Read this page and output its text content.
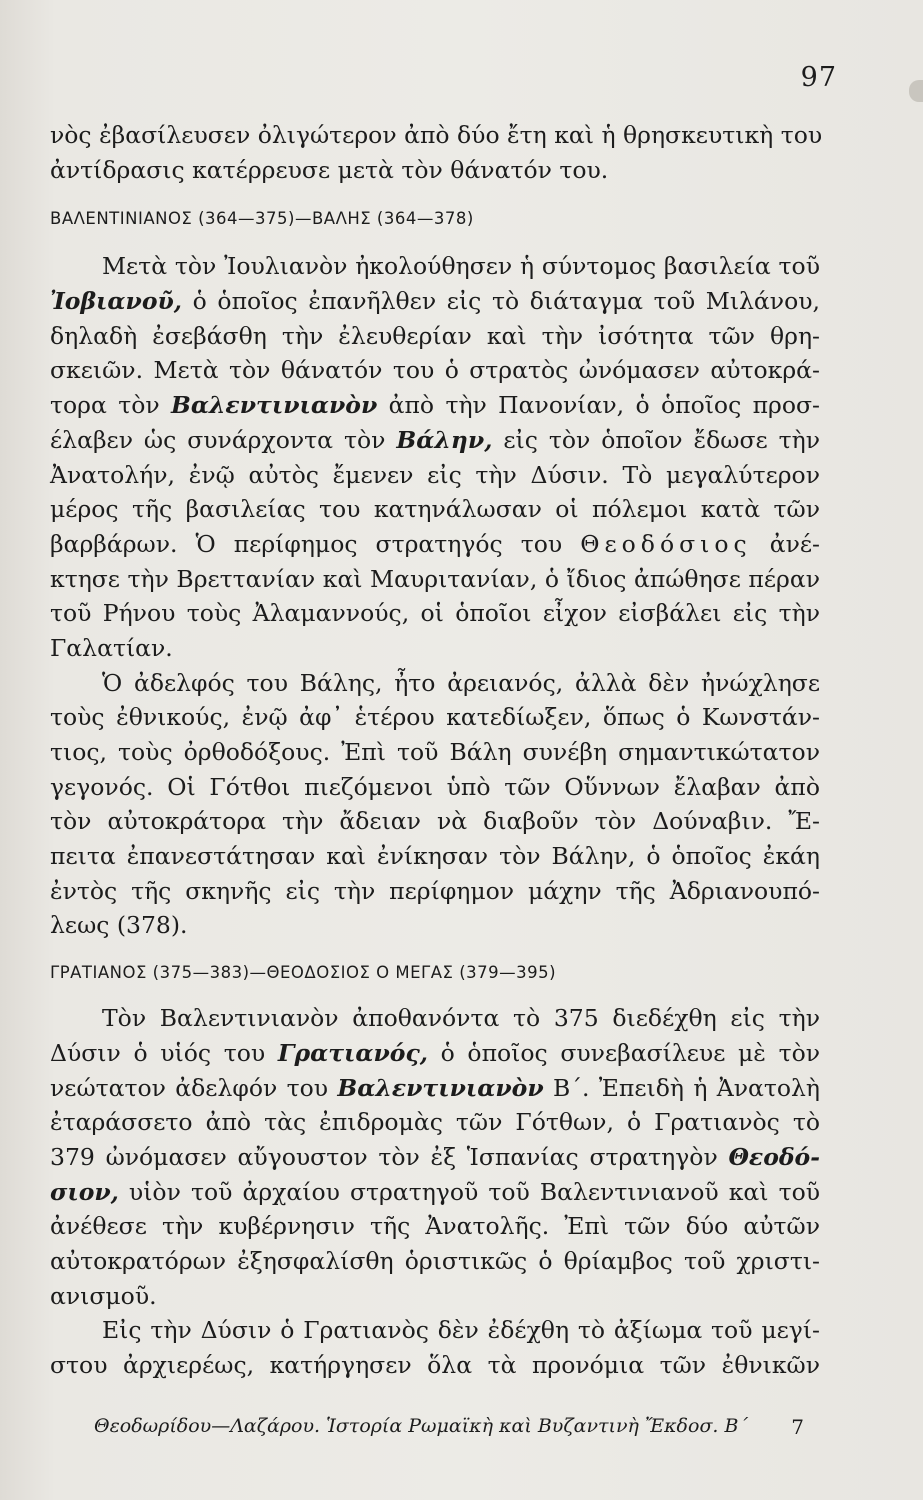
97
νὸς ἐβασίλευσεν ὀλιγώτερον ἀπὸ δύο ἔτη καὶ ἡ θρησκευτικὴ του
ἀντίδρασις κατέρρευσε μετὰ τὸν θάνατόν του.
ΒΑΛΕΝΤΙΝΙΑΝΟΣ (364—375)—ΒΑΛΗΣ (364—378)
Μετὰ τὸν Ἰουλιανὸν ἠκολούθησεν ἡ σύντομος βασιλεία τοῦ
Ἰοβιανοῦ, ὁ ὁποῖος ἐπανῆλθεν εἰς τὸ διάταγμα τοῦ Μιλάνου,
δηλαδὴ ἐσεβάσθη τὴν ἐλευθερίαν καὶ τὴν ἰσότητα τῶν θρη-
σκειῶν. Μετὰ τὸν θάνατόν του ὁ στρατὸς ὠνόμασεν αὐτοκρά-
τορα τὸν Βαλεντινιανὸν ἀπὸ τὴν Πανονίαν, ὁ ὁποῖος προσ-
έλαβεν ὡς συνάρχοντα τὸν Βάλην, εἰς τὸν ὁποῖον ἔδωσε τὴν
Ἀνατολήν, ἐνῷ αὐτὸς ἔμενεν εἰς τὴν Δύσιν. Τὸ μεγαλύτερον
μέρος τῆς βασιλείας του κατηνάλωσαν οἱ πόλεμοι κατὰ τῶν
βαρβάρων. Ὁ περίφημος στρατηγός του Θεοδόσιος ἀνέ-
κτησε τὴν Βρεττανίαν καὶ Μαυριτανίαν, ὁ ἴδιος ἀπώθησε πέραν
τοῦ Ρήνου τοὺς Ἀλαμαννούς, οἱ ὁποῖοι εἶχον εἰσβάλει εἰς τὴν
Γαλατίαν.
Ὁ ἀδελφός του Βάλης, ἦτο ἀρειανός, ἀλλὰ δὲν ἠνώχλησε
τοὺς ἐθνικούς, ἐνῷ ἀφ᾽ ἑτέρου κατεδίωξεν, ὅπως ὁ Κωνστάν-
τιος, τοὺς ὀρθοδόξους. Ἐπὶ τοῦ Βάλη συνέβη σημαντικώτατον
γεγονός. Οἱ Γότθοι πιεζόμενοι ὑπὸ τῶν Οὕννων ἔλαβαν ἀπὸ
τὸν αὐτοκράτορα τὴν ἄδειαν νὰ διαβοῦν τὸν Δούναβιν. Ἔ-
πειτα ἐπανεστάτησαν καὶ ἐνίκησαν τὸν Βάλην, ὁ ὁποῖος ἐκάη
ἐντὸς τῆς σκηνῆς εἰς τὴν περίφημον μάχην τῆς Ἀδριανουπό-
λεως (378).
ΓΡΑΤΙΑΝΟΣ (375—383)—ΘΕΟΔΟΣΙΟΣ Ο ΜΕΓΑΣ (379—395)
Τὸν Βαλεντινιανὸν ἀποθανόντα τὸ 375 διεδέχθη εἰς τὴν
Δύσιν ὁ υἱός του Γρατιανός, ὁ ὁποῖος συνεβασίλευε μὲ τὸν
νεώτατον ἀδελφόν του Βαλεντινιανὸν Β΄. Ἐπειδὴ ἡ Ἀνατολὴ
ἐταράσσετο ἀπὸ τὰς ἐπιδρομὰς τῶν Γότθων, ὁ Γρατιανὸς τὸ
379 ὠνόμασεν αὔγουστον τὸν ἐξ Ἱσπανίας στρατηγὸν Θεοδό-
σιον, υἱὸν τοῦ ἀρχαίου στρατηγοῦ τοῦ Βαλεντινιανοῦ καὶ τοῦ
ἀνέθεσε τὴν κυβέρνησιν τῆς Ἀνατολῆς. Ἐπὶ τῶν δύο αὐτῶν
αὐτοκρατόρων ἐξησφαλίσθη ὁριστικῶς ὁ θρίαμβος τοῦ χριστι-
ανισμοῦ.
Εἰς τὴν Δύσιν ὁ Γρατιανὸς δὲν ἐδέχθη τὸ ἀξίωμα τοῦ μεγί-
στου ἀρχιερέως, κατήργησεν ὅλα τὰ προνόμια τῶν ἐθνικῶν
Θεοδωρίδου—Λαζάρου. Ἱστορία Ρωμαϊκὴ καὶ Βυζαντινὴ Ἔκδοσ. Β΄ 7
